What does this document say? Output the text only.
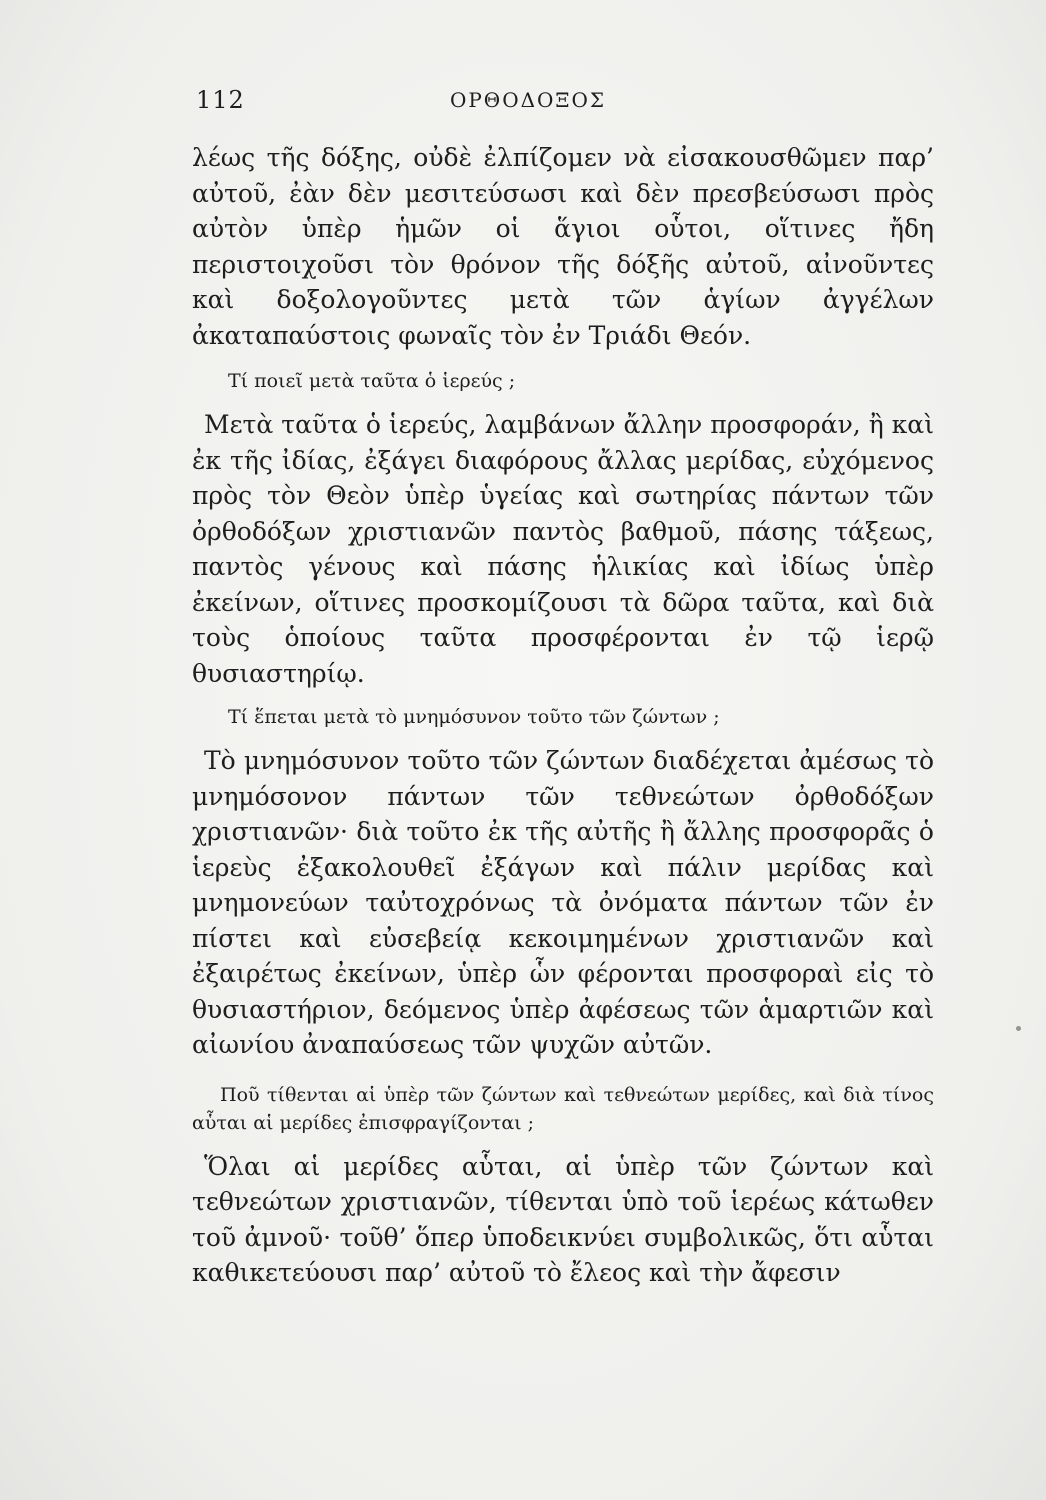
112	ΟΡΘΟΔΟΞΟΣ

λέως τῆς δόξης, οὐδὲ ἐλπίζομεν νὰ εἰσακουσθῶμεν παρ’ αὐτοῦ, ἐὰν δὲν μεσιτεύσωσι καὶ δὲν πρεσβεύσωσι πρὸς αὐτὸν ὑπὲρ ἡμῶν οἱ ἅγιοι οὗτοι, οἵτινες ἤδη περιστοιχοῦσι τὸν θρόνον τῆς δόξῆς αὐτοῦ, αἰνοῦντες καὶ δοξολογοῦντες μετὰ τῶν ἁγίων ἀγγέλων ἀκαταπαύστοις φωναῖς τὸν ἐν Τριάδι Θεόν.

Τί ποιεῖ μετὰ ταῦτα ὁ ἱερεύς ;

Μετὰ ταῦτα ὁ ἱερεύς, λαμβάνων ἄλλην προσφοράν, ἢ καὶ ἐκ τῆς ἰδίας, ἐξάγει διαφόρους ἄλλας μερίδας, εὐχόμενος πρὸς τὸν Θεὸν ὑπὲρ ὑγείας καὶ σωτηρίας πάντων τῶν ὀρθοδόξων χριστιανῶν παντὸς βαθμοῦ, πάσης τάξεως, παντὸς γένους καὶ πάσης ἡλικίας καὶ ἰδίως ὑπὲρ ἐκείνων, οἵτινες προσκομίζουσι τὰ δῶρα ταῦτα, καὶ διὰ τοὺς ὁποίους ταῦτα προσφέρονται ἐν τῷ ἱερῷ θυσιαστηρίῳ.

Τί ἕπεται μετὰ τὸ μνημόσυνον τοῦτο τῶν ζώντων ;

Τὸ μνημόσυνον τοῦτο τῶν ζώντων διαδέχεται ἀμέσως τὸ μνημόσονον πάντων τῶν τεθνεώτων ὀρθοδόξων χριστιανῶν· διὰ τοῦτο ἐκ τῆς αὐτῆς ἢ ἄλλης προσφορᾶς ὁ ἱερεὺς ἐξακολουθεῖ ἐξάγων καὶ πάλιν μερίδας καὶ μνημονεύων ταὐτοχρόνως τὰ ὀνόματα πάντων τῶν ἐν πίστει καὶ εὐσεβείᾳ κεκοιμημένων χριστιανῶν καὶ ἐξαιρέτως ἐκείνων, ὑπὲρ ὧν φέρονται προσφοραὶ εἰς τὸ θυσιαστήριον, δεόμενος ὑπὲρ ἀφέσεως τῶν ἁμαρτιῶν καὶ αἰωνίου ἀναπαύσεως τῶν ψυχῶν αὐτῶν.

Ποῦ τίθενται αἱ ὑπὲρ τῶν ζώντων καὶ τεθνεώτων μερίδες, καὶ διὰ τίνος αὗται αἱ μερίδες ἐπισφραγίζονται ;

Ὅλαι αἱ μερίδες αὗται, αἱ ὑπὲρ τῶν ζώντων καὶ τεθνεώτων χριστιανῶν, τίθενται ὑπὸ τοῦ ἱερέως κάτωθεν τοῦ ἀμνοῦ· τοῦθ’ ὅπερ ὑποδεικνύει συμβολικῶς, ὅτι αὗται καθικετεύουσι παρ’ αὐτοῦ τὸ ἔλεος καὶ τὴν ἄφεσιν
